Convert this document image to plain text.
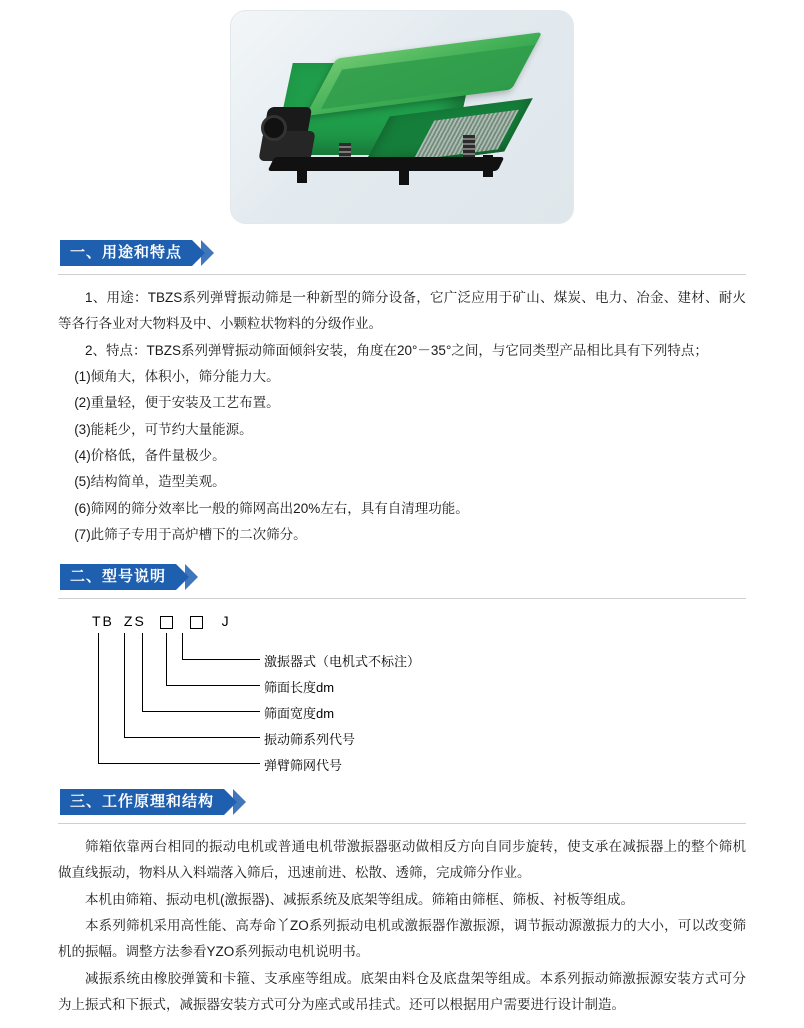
一、用途和特点

1、用途：TBZS系列弹臂振动筛是一种新型的筛分设备，它广泛应用于矿山、煤炭、电力、冶金、建材、耐火等各行各业对大物料及中、小颗粒状物料的分级作业。

2、特点：TBZS系列弹臂振动筛面倾斜安装，角度在20°－35°之间，与它同类型产品相比具有下列特点；

(1)倾角大，体积小，筛分能力大。

(2)重量轻，便于安装及工艺布置。

(3)能耗少，可节约大量能源。

(4)价格低，备件量极少。

(5)结构简单，造型美观。

(6)筛网的筛分效率比一般的筛网高出20%左右，具有自清理功能。

(7)此筛子专用于高炉槽下的二次筛分。

二、型号说明
TB ZS	J
激振器式（电机式不标注）
筛面长度dm
筛面宽度dm
振动筛系列代号
弹臂筛网代号
三、工作原理和结构

筛箱依靠两台相同的振动电机或普通电机带激振器驱动做相反方向自同步旋转，使支承在减振器上的整个筛机做直线振动，物料从入料端落入筛后，迅速前进、松散、透筛，完成筛分作业。

本机由筛箱、振动电机(激振器)、减振系统及底架等组成。筛箱由筛框、筛板、衬板等组成。

本系列筛机采用高性能、高寿命丫ZO系列振动电机或激振器作激振源，调节振动源激振力的大小，可以改变筛机的振幅。调整方法参看YZO系列振动电机说明书。

减振系统由橡胶弹簧和卡箍、支承座等组成。底架由料仓及底盘架等组成。本系列振动筛激振源安装方式可分为上振式和下振式，减振器安装方式可分为座式或吊挂式。还可以根据用户需要进行设计制造。
